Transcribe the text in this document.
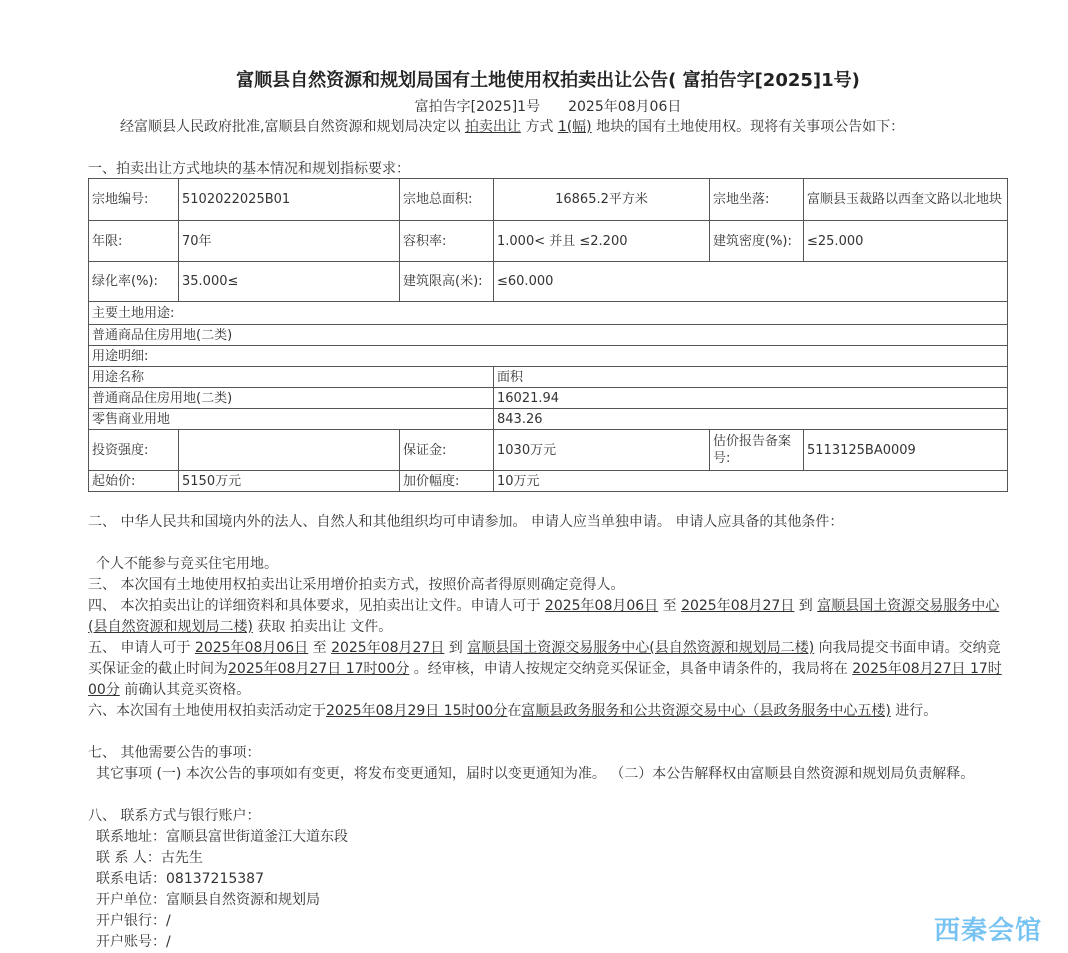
富顺县自然资源和规划局国有土地使用权拍卖出让公告( 富拍告字[2025]1号)
富拍告字[2025]1号 2025年08月06日
经富顺县人民政府批准,富顺县自然资源和规划局决定以 拍卖出让 方式 1(幅) 地块的国有土地使用权。现将有关事项公告如下：
一、拍卖出让方式地块的基本情况和规划指标要求：
宗地编号:	5102022025B01	宗地总面积:	16865.2平方米	宗地坐落:	富顺县玉裁路以西奎文路以北地块
年限:	70年	容积率:	1.000< 并且 ≤2.200	建筑密度(%):	≤25.000
绿化率(%):	35.000≤	建筑限高(米):	≤60.000		
主要土地用途:					
普通商品住房用地(二类)					
用途明细:					
用途名称			面积		
普通商品住房用地(二类)			16021.94		
零售商业用地			843.26		
投资强度:		保证金:	1030万元	估价报告备案号:	5113125BA0009
起始价:	5150万元	加价幅度:	10万元		
二、 中华人民共和国境内外的法人、自然人和其他组织均可申请参加。 申请人应当单独申请。 申请人应具备的其他条件：
个人不能参与竞买住宅用地。
三、 本次国有土地使用权拍卖出让采用增价拍卖方式，按照价高者得原则确定竞得人。
四、 本次拍卖出让的详细资料和具体要求，见拍卖出让文件。申请人可于 2025年08月06日 至 2025年08月27日 到 富顺县国土资源交易服务中心(县自然资源和规划局二楼) 获取 拍卖出让 文件。
五、 申请人可于 2025年08月06日 至 2025年08月27日 到 富顺县国土资源交易服务中心(县自然资源和规划局二楼) 向我局提交书面申请。交纳竞买保证金的截止时间为2025年08月27日 17时00分 。经审核，申请人按规定交纳竞买保证金，具备申请条件的，我局将在 2025年08月27日 17时00分 前确认其竞买资格。
六、本次国有土地使用权拍卖活动定于2025年08月29日 15时00分在富顺县政务服务和公共资源交易中心（县政务服务中心五楼) 进行。
七、 其他需要公告的事项：
其它事项 (一) 本次公告的事项如有变更，将发布变更通知，届时以变更通知为准。 （二）本公告解释权由富顺县自然资源和规划局负责解释。
八、 联系方式与银行账户：
联系地址：富顺县富世街道釜江大道东段
联 系 人：古先生
联系电话：08137215387
开户单位：富顺县自然资源和规划局
开户银行：/
开户账号：/	西秦会馆
